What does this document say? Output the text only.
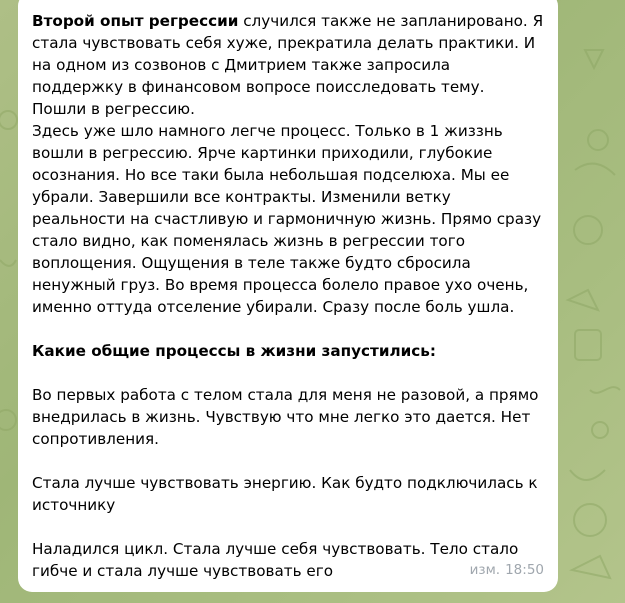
Второй опыт регрессии случился также не запланировано. Я стала чувствовать себя хуже, прекратила делать практики. И на одном из созвонов с Дмитрием также запросила поддержку в финансовом вопросе поисследовать тему.

Пошли в регрессию.

Здесь уже шло намного легче процесс. Только в 1 жиззнь вошли в регрессию. Ярче картинки приходили, глубокие осознания. Но все таки была небольшая подселюха. Мы ее убрали. Завершили все контракты. Изменили ветку реальности на счастливую и гармоничную жизнь. Прямо сразу стало видно, как поменялась жизнь в регрессии того воплощения. Ощущения в теле также будто сбросила ненужный груз. Во время процесса болело правое ухо очень, именно оттуда отселение убирали. Сразу после боль ушла.

Какие общие процессы в жизни запустились:

Во первых работа с телом стала для меня не разовой, а прямо внедрилась в жизнь. Чувствую что мне легко это дается. Нет сопротивления.

Стала лучше чувствовать энергию. Как будто подключилась к источнику

Наладился цикл. Стала лучше себя чувствовать. Тело стало гибче и стала лучше чувствовать его	изм. 18:50
